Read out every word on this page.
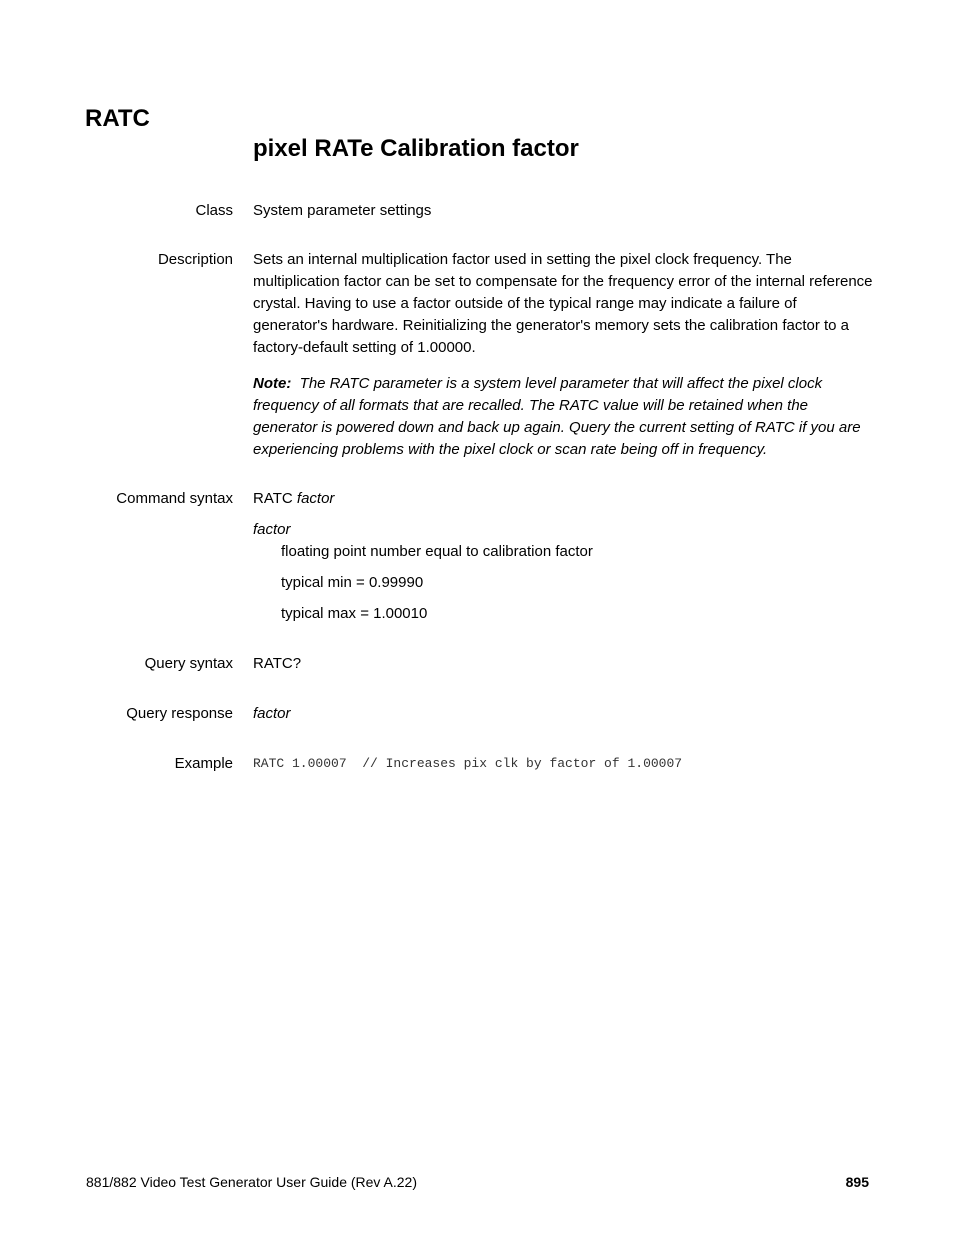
RATC
pixel RATe Calibration factor
Class System parameter settings
Description Sets an internal multiplication factor used in setting the pixel clock frequency. The multiplication factor can be set to compensate for the frequency error of the internal reference crystal. Having to use a factor outside of the typical range may indicate a failure of generator's hardware. Reinitializing the generator's memory sets the calibration factor to a factory-default setting of 1.00000.
Note: The RATC parameter is a system level parameter that will affect the pixel clock frequency of all formats that are recalled. The RATC value will be retained when the generator is powered down and back up again. Query the current setting of RATC if you are experiencing problems with the pixel clock or scan rate being off in frequency.
Command syntax RATC factor
factor
floating point number equal to calibration factor
typical min = 0.99990
typical max = 1.00010
Query syntax RATC?
Query response factor
Example RATC 1.00007  // Increases pix clk by factor of 1.00007
881/882 Video Test Generator User Guide (Rev A.22)	895
